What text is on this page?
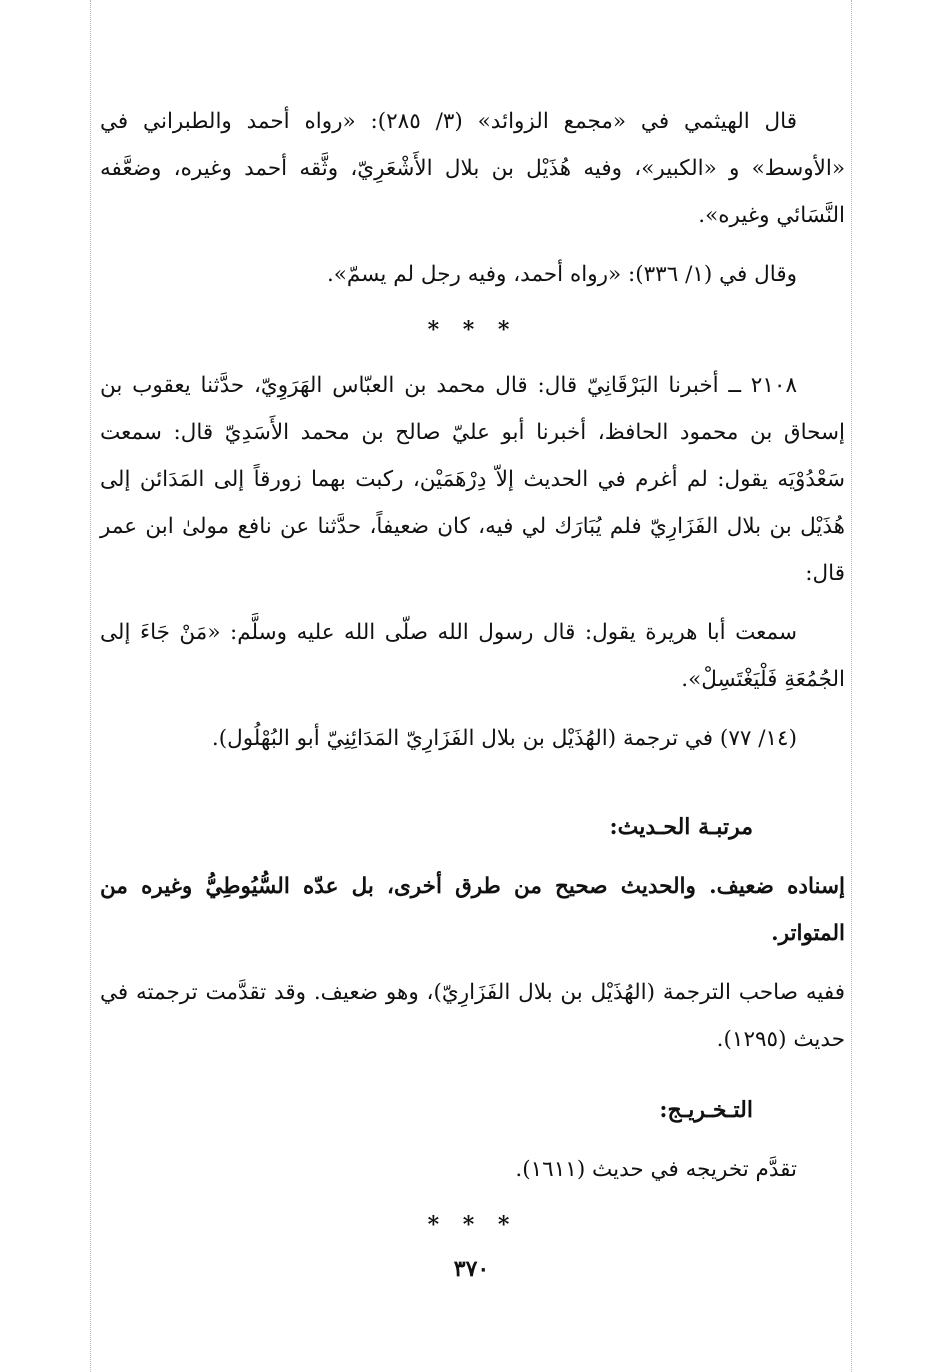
قال الهيثمي في «مجمع الزوائد» (٣/ ٢٨٥): «رواه أحمد والطبراني في «الأوسط» و «الكبير»، وفيه هُذَيْل بن بلال الأَشْعَرِيّ، وثَّقه أحمد وغيره، وضعَّفه النَّسَائي وغيره».

وقال في (١/ ٣٣٦): «رواه أحمد، وفيه رجل لم يسمّ».

* * *

٢١٠٨ ــ أخبرنا البَرْقَانِيّ قال: قال محمد بن العبّاس الهَرَوِيّ، حدَّثنا يعقوب بن إسحاق بن محمود الحافظ، أخبرنا أبو عليّ صالح بن محمد الأَسَدِيّ قال: سمعت سَعْدُوْيَه يقول: لم أغرم في الحديث إلاّ دِرْهَمَيْن، ركبت بهما زورقاً إلى المَدَائن إلى هُذَيْل بن بلال الفَزَارِيّ فلم يُبَارَك لي فيه، كان ضعيفاً، حدَّثنا عن نافع مولىٰ ابن عمر قال:

سمعت أبا هريرة يقول: قال رسول الله صلّى الله عليه وسلَّم: «مَنْ جَاءَ إلى الجُمُعَةِ فَلْيَغْتَسِلْ».

(١٤/ ٧٧) في ترجمة (الهُذَيْل بن بلال الفَزَارِيّ المَدَائِنِيّ أبو البُهْلُول).

مرتبـة الحـديث:

إسناده ضعيف. والحديث صحيح من طرق أخرى، بل عدّه السُّيُوطِيُّ وغيره من المتواتر.

ففيه صاحب الترجمة (الهُذَيْل بن بلال الفَزَارِيّ)، وهو ضعيف. وقد تقدَّمت ترجمته في حديث (١٢٩٥).

التـخـريـج:

تقدَّم تخريجه في حديث (١٦١١).

* * *
٣٧٠
